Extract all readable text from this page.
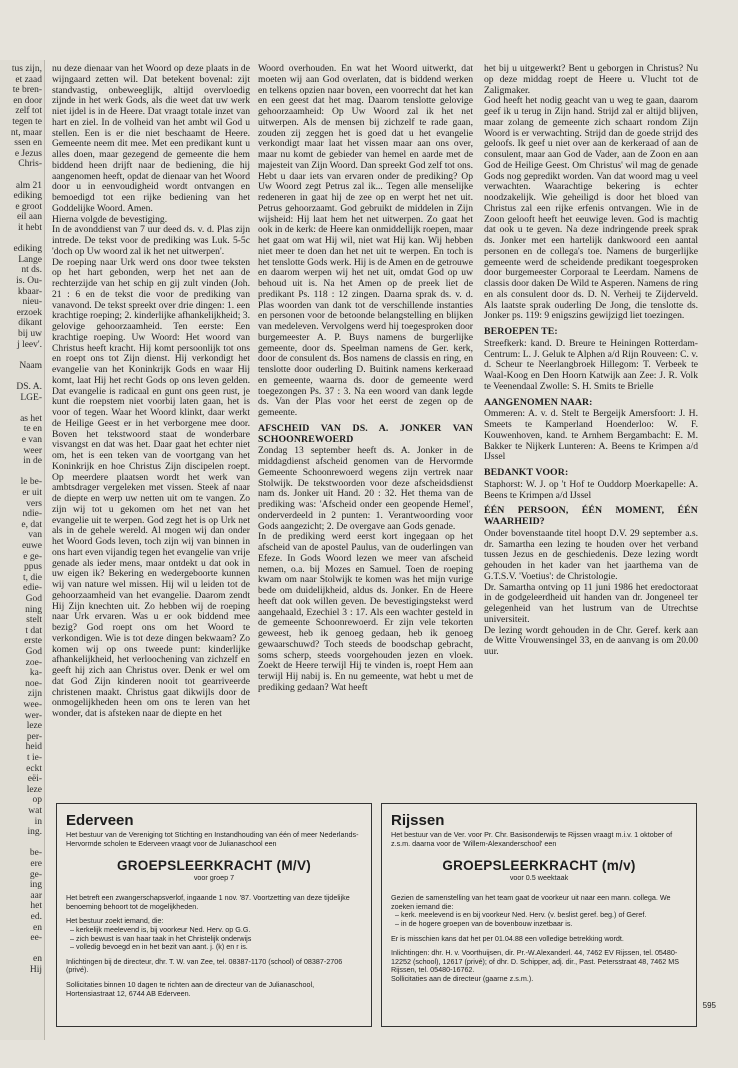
tus zijn,
et zaad
te bren-
en door
zelf tot
tegen te
nt, maar
ssen en
e Jezus
Chris-
alm 21
ediking
e groot
eil aan
it hebt
ediking
Lange
nt ds.
is. Ou-
kbaar-
nieu-
erzoek
dikant
bij uw
j leev'.
Naam
DS. A.
LGE-
as het
te en
e van
weer
in de
le be-
er uit
vers
ndie-
e, dat
van
euwe
e ge-
ppus
t, die
edie-
God
ning
stelt
t dat
erste
God
zoe-
ka-
noe-
zijn
wee-
wer-
leze
per-
heid
t ie-
eckt
eëi-
leze
op
wat
in
ing.
be-
ere
ge-
ing
aar
het
ed.
en
ee-
en
Hij

nu deze dienaar van het Woord op deze plaats in de wijngaard zetten wil. Dat betekent bovenal: zijt standvastig, onbeweeglijk, altijd overvloedig zijnde in het werk Gods, als die weet dat uw werk niet ijdel is in de Heere. Dat vraagt totale inzet van hart en ziel. In de volheid van het ambt wil God u stellen. Een is er die niet beschaamt de Heere. Gemeente neem dit mee. Met een predikant kunt u alles doen, maar gezegend de gemeente die hem biddend heen drijft naar de bediening, die hij aangenomen heeft, opdat de dienaar van het Woord door u in eenvoudigheid wordt ontvangen en bemoedigd tot een rijke bediening van het Goddelijke Woord. Amen.

Hierna volgde de bevestiging.

In de avonddienst van 7 uur deed ds. v. d. Plas zijn intrede. De tekst voor de prediking was Luk. 5-5c 'doch op Uw woord zal ik het net uitwerpen'.

De roeping naar Urk werd ons door twee teksten op het hart gebonden, werp het net aan de rechterzijde van het schip en gij zult vinden (Joh. 21 : 6 en de tekst die voor de prediking van vanavond. De tekst spreekt over drie dingen: 1. een krachtige roeping; 2. kinderlijke afhankelijkheid; 3. gelovige gehoorzaamheid. Ten eerste: Een krachtige roeping. Uw Woord: Het woord van Christus heeft kracht. Hij komt persoonlijk tot ons en roept ons tot Zijn dienst. Hij verkondigt het evangelie van het Koninkrijk Gods en waar Hij komt, laat Hij het recht Gods op ons leven gelden. Dat evangelie is radicaal en gunt ons geen rust, je kunt die roepstem niet voorbij laten gaan, het is voor of tegen. Waar het Woord klinkt, daar werkt de Heilige Geest er in het verborgene mee door. Boven het tekstwoord staat de wonderbare visvangst en dat was het. Daar gaat het echter niet om, het is een teken van de voortgang van het Koninkrijk en hoe Christus Zijn discipelen roept. Op meerdere plaatsen wordt het werk van ambtsdrager vergeleken met vissen. Steek af naar de diepte en werp uw netten uit om te vangen. Zo zijn wij tot u gekomen om het net van het evangelie uit te werpen. God zegt het is op Urk net als in de gehele wereld. Al mogen wij dan onder het Woord Gods leven, toch zijn wij van binnen in ons hart even vijandig tegen het evangelie van vrije genade als ieder mens, maar ontdekt u dat ook in uw eigen ik? Bekering en wedergeboorte kunnen wij van nature wel missen. Hij wil u leiden tot de gehoorzaamheid van het evangelie. Daarom zendt Hij Zijn knechten uit. Zo hebben wij de roeping naar Urk ervaren. Was u er ook biddend mee bezig? God roept ons om het Woord te verkondigen. Wie is tot deze dingen bekwaam? Zo komen wij op ons tweede punt: kinderlijke afhankelijkheid, het verloochening van zichzelf en geeft hij zich aan Christus over. Denk er wel om dat God Zijn kinderen nooit tot gearriveerde christenen maakt. Christus gaat dikwijls door de onmogelijkheden heen om ons te leren van het wonder, dat is afsteken naar de diepte en het

Woord overhouden. En wat het Woord uitwerkt, dat moeten wij aan God overlaten, dat is biddend werken en telkens opzien naar boven, een voorrecht dat het kan en een geest dat het mag. Daarom tenslotte gelovige gehoorzaamheid: Op Uw Woord zal ik het net uitwerpen. Als de mensen bij zichzelf te rade gaan, zouden zij zeggen het is goed dat u het evangelie verkondigt maar laat het vissen maar aan ons over, maar nu komt de gebieder van hemel en aarde met de majesteit van Zijn Woord. Dan spreekt God zelf tot ons. Hebt u daar iets van ervaren onder de prediking? Op Uw Woord zegt Petrus zal ik... Tegen alle menselijke redeneren in gaat hij de zee op en werpt het net uit. Petrus gehoorzaamt. God gebruikt de middelen in Zijn wijsheid: Hij laat hem het net uitwerpen. Zo gaat het ook in de kerk: de Heere kan onmiddellijk roepen, maar het gaat om wat Hij wil, niet wat Hij kan. Wij hebben niet meer te doen dan het net uit te werpen. En toch is het tenslotte Gods werk. Hij is de Amen en de getrouwe en daarom werpen wij het net uit, omdat God op uw behoud uit is. Na het Amen op de preek liet de predikant Ps. 118 : 12 zingen. Daarna sprak ds. v. d. Plas woorden van dank tot de verschillende instanties en personen voor de betoonde belangstelling en blijken van medeleven. Vervolgens werd hij toegesproken door burgemeester A. P. Buys namens de burgerlijke gemeente, door ds. Speelman namens de Ger. kerk, door de consulent ds. Bos namens de classis en ring, en tenslotte door ouderling D. Buitink namens kerkeraad en gemeente, waarna ds. door de gemeente werd toegezongen Ps. 37 : 3. Na een woord van dank legde ds. Van der Plas voor het eerst de zegen op de gemeente.

AFSCHEID VAN DS. A. JONKER VAN SCHOONREWOERD

Zondag 13 september heeft ds. A. Jonker in de middagdienst afscheid genomen van de Hervormde Gemeente Schoonrewoerd wegens zijn vertrek naar Stolwijk. De tekstwoorden voor deze afscheidsdienst nam ds. Jonker uit Hand. 20 : 32. Het thema van de prediking was: 'Afscheid onder een geopende Hemel', onderverdeeld in 2 punten: 1. Verantwoording voor Gods aangezicht; 2. De overgave aan Gods genade.

In de prediking werd eerst kort ingegaan op het afscheid van de apostel Paulus, van de ouderlingen van Efeze. In Gods Woord lezen we meer van afscheid nemen, o.a. bij Mozes en Samuel. Toen de roeping kwam om naar Stolwijk te komen was het mijn vurige bede om duidelijkheid, aldus ds. Jonker. En de Heere heeft dat ook willen geven. De bevestigingstekst werd aangehaald, Ezechiel 3 : 17. Als een wachter gesteld in de gemeente Schoonrewoerd. Er zijn vele tekorten geweest, heb ik genoeg gedaan, heb ik genoeg gewaarschuwd? Toch steeds de boodschap gebracht, soms scherp, steeds voorgehouden jezen en vloek. Zoekt de Heere terwijl Hij te vinden is, roept Hem aan terwijl Hij nabij is. En nu gemeente, wat hebt u met de prediking gedaan? Wat heeft

het bij u uitgewerkt? Bent u geborgen in Christus? Nu op deze middag roept de Heere u. Vlucht tot de Zaligmaker.

God heeft het nodig geacht van u weg te gaan, daarom geef ik u terug in Zijn hand. Strijd zal er altijd blijven, maar zolang de gemeente zich schaart rondom Zijn Woord is er verwachting. Strijd dan de goede strijd des geloofs. Ik geef u niet over aan de kerkeraad of aan de consulent, maar aan God de Vader, aan de Zoon en aan God de Heilige Geest. Om Christus' wil mag de genade Gods nog gepredikt worden. Van dat woord mag u veel verwachten. Waarachtige bekering is echter noodzakelijk. Wie geheiligd is door het bloed van Christus zal een rijke erfenis ontvangen. Wie in de Zoon gelooft heeft het eeuwige leven. God is machtig dat ook u te geven. Na deze indringende preek sprak ds. Jonker met een hartelijk dankwoord een aantal personen en de collega's toe. Namens de burgerlijke gemeente werd de scheidende predikant toegesproken door burgemeester Corporaal te Leerdam. Namens de classis door daken De Wild te Asperen. Namens de ring en als consulent door ds. D. N. Verheij te Zijderveld. Als laatste sprak ouderling De Jong, die tenslotte ds. Jonker ps. 119: 9 enigszins gewijzigd liet toezingen.

BEROEPEN TE:

Streefkerk: kand. D. Breure te Heiningen Rotterdam-Centrum: L. J. Geluk te Alphen a/d Rijn Rouveen: C. v. d. Scheur te Neerlangbroek Hillegom: T. Verbeek te Waal-Koog en Den Hoorn Katwijk aan Zee: J. R. Volk te Veenendaal Zwolle: S. H. Smits te Brielle

AANGENOMEN NAAR:

Ommeren: A. v. d. Stelt te Bergeijk Amersfoort: J. H. Smeets te Kamperland Hoenderloo: W. F. Kouwenhoven, kand. te Arnhem Bergambacht: E. M. Bakker te Nijkerk Lunteren: A. Beens te Krimpen a/d IJssel

BEDANKT VOOR:

Staphorst: W. J. op 't Hof te Ouddorp Moerkapelle: A. Beens te Krimpen a/d IJssel

ÉÉN PERSOON, ÉÉN MOMENT, ÉÉN WAARHEID?

Onder bovenstaande titel hoopt D.V. 29 september a.s. dr. Samartha een lezing te houden over het verband tussen Jezus en de geschiedenis. Deze lezing wordt gehouden in het kader van het jaarthema van de G.T.S.V. 'Voetius': de Christologie.

Dr. Samartha ontving op 11 juni 1986 het eredoctoraat in de godgeleerdheid uit handen van dr. Jongeneel ter gelegenheid van het lustrum van de Utrechtse universiteit.

De lezing wordt gehouden in de Chr. Geref. kerk aan de Witte Vrouwensingel 33, en de aanvang is om 20.00 uur.

Ederveen
Het bestuur van de Vereniging tot Stichting en Instandhouding van één of meer Nederlands-Hervormde scholen te Ederveen vraagt voor de Julianaschool een
GROEPSLEERKRACHT (M/V)
voor groep 7
Het betreft een zwangerschapsverlof, ingaande 1 nov. '87. Voortzetting van deze tijdelijke benoeming behoort tot de mogelijkheden.
Het bestuur zoekt iemand, die:
– kerkelijk meelevend is, bij voorkeur Ned. Herv. op G.G.
– zich bewust is van haar taak in het Christelijk onderwijs
– volledig bevoegd en in het bezit van aant. j. (k) en r is.
Inlichtingen bij de directeur, dhr. T. W. van Zee, tel. 08387-1170 (school) of 08387-2706 (privé).
Sollicitaties binnen 10 dagen te richten aan de directeur van de Julianaschool, Hortensiastraat 12, 6744 AB Ederveen.
Rijssen
Het bestuur van de Ver. voor Pr. Chr. Basisonderwijs te Rijssen vraagt m.i.v. 1 oktober of z.s.m. daarna voor de 'Willem-Alexanderschool' een
GROEPSLEERKRACHT (m/v)
voor 0.5 weektaak
Gezien de samenstelling van het team gaat de voorkeur uit naar een mann. collega. We zoeken iemand die:
– kerk. meelevend is en bij voorkeur Ned. Herv. (v. beslist geref. beg.) of Geref.
– in de hogere groepen van de bovenbouw inzetbaar is.
Er is misschien kans dat het per 01.04.88 een volledige betrekking wordt.
Inlichtingen: dhr. H. v. Voorthuijsen, dir. Pr.-W.Alexanderl. 44, 7462 EV Rijssen, tel. 05480-12252 (school), 12617 (privé); of dhr. D. Schipper, adj. dir., Past. Petersstraat 48, 7462 MS Rijssen, tel. 05480-16762.
Sollicitaties aan de directeur (gaarne z.s.m.).
595
